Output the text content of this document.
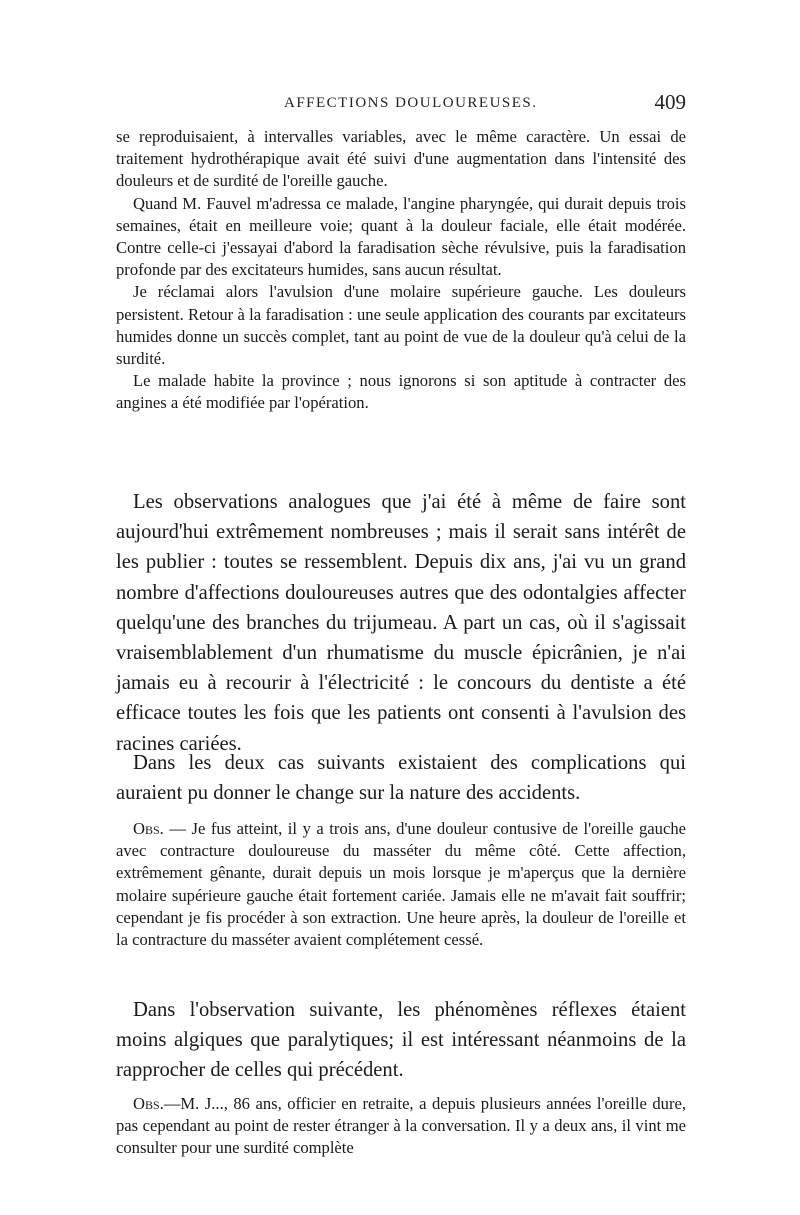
AFFECTIONS DOULOUREUSES.	409

se reproduisaient, à intervalles variables, avec le même caractère. Un essai de traitement hydrothérapique avait été suivi d'une augmentation dans l'intensité des douleurs et de surdité de l'oreille gauche.

Quand M. Fauvel m'adressa ce malade, l'angine pharyngée, qui durait depuis trois semaines, était en meilleure voie; quant à la douleur faciale, elle était modérée. Contre celle-ci j'essayai d'abord la faradisation sèche révulsive, puis la faradisation profonde par des excitateurs humides, sans aucun résultat.

Je réclamai alors l'avulsion d'une molaire supérieure gauche. Les douleurs persistent. Retour à la faradisation : une seule application des courants par excitateurs humides donne un succès complet, tant au point de vue de la douleur qu'à celui de la surdité.

Le malade habite la province ; nous ignorons si son aptitude à contracter des angines a été modifiée par l'opération.

Les observations analogues que j'ai été à même de faire sont aujourd'hui extrêmement nombreuses ; mais il serait sans intérêt de les publier : toutes se ressemblent. Depuis dix ans, j'ai vu un grand nombre d'affections douloureuses autres que des odontalgies affecter quelqu'une des branches du trijumeau. A part un cas, où il s'agissait vraisemblablement d'un rhumatisme du muscle épicrânien, je n'ai jamais eu à recourir à l'électricité : le concours du dentiste a été efficace toutes les fois que les patients ont consenti à l'avulsion des racines cariées.

Dans les deux cas suivants existaient des complications qui auraient pu donner le change sur la nature des accidents.

Obs. — Je fus atteint, il y a trois ans, d'une douleur contusive de l'oreille gauche avec contracture douloureuse du masséter du même côté. Cette affection, extrêmement gênante, durait depuis un mois lorsque je m'aperçus que la dernière molaire supérieure gauche était fortement cariée. Jamais elle ne m'avait fait souffrir; cependant je fis procéder à son extraction. Une heure après, la douleur de l'oreille et la contracture du masséter avaient complétement cessé.

Dans l'observation suivante, les phénomènes réflexes étaient moins algiques que paralytiques; il est intéressant néanmoins de la rapprocher de celles qui précédent.

Obs.—M. J..., 86 ans, officier en retraite, a depuis plusieurs années l'oreille dure, pas cependant au point de rester étranger à la conversation. Il y a deux ans, il vint me consulter pour une surdité complète
